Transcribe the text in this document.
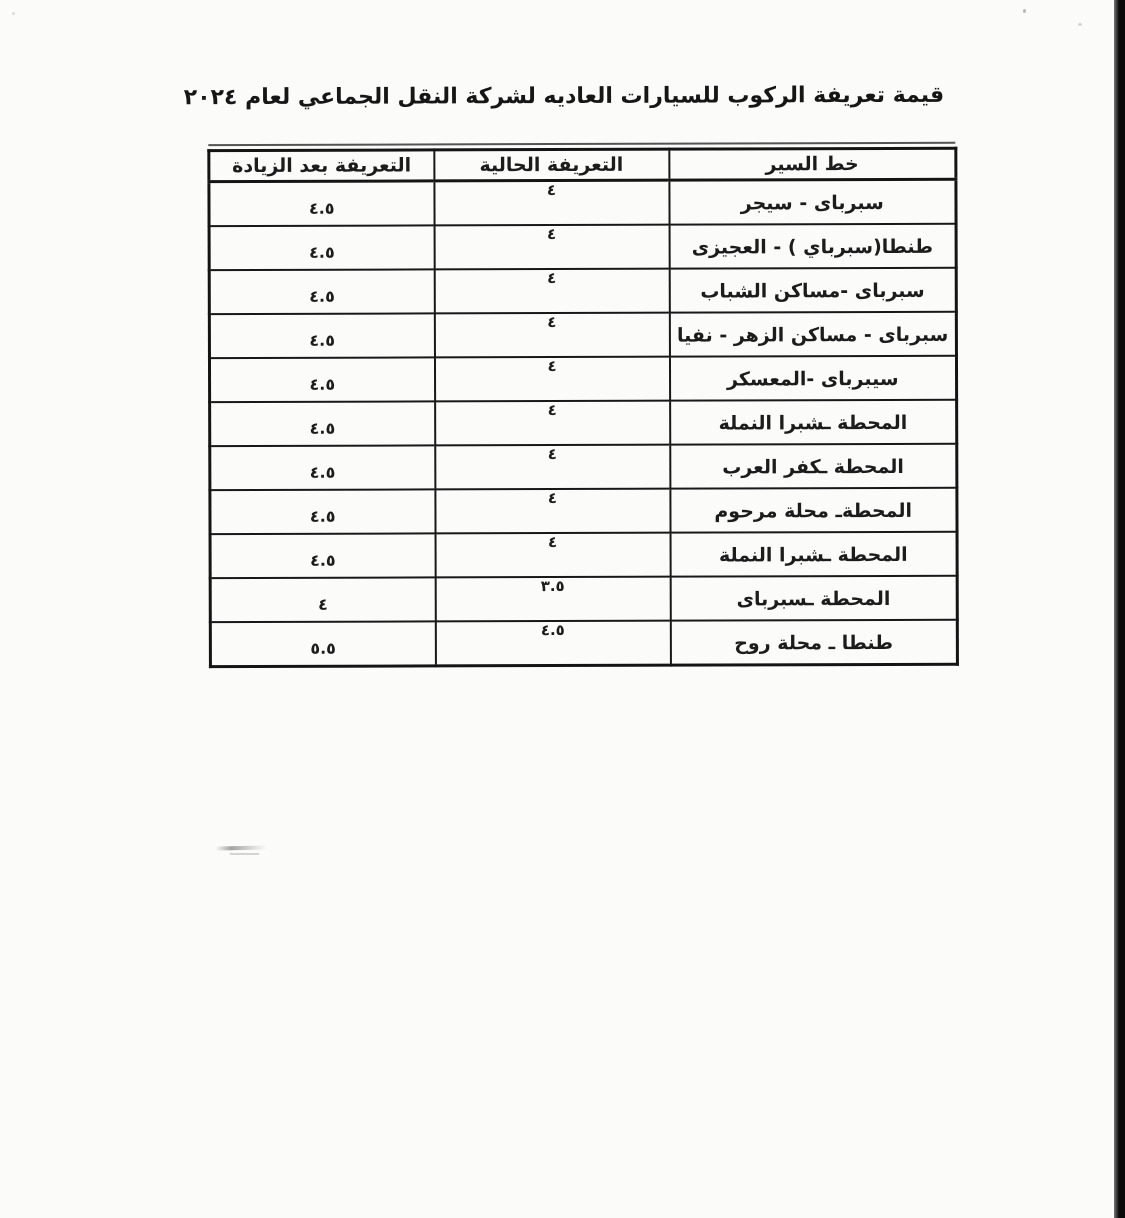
قيمة تعريفة الركوب للسيارات العاديه لشركة النقل الجماعي لعام ٢٠٢٤
خط السير	التعريفة الحالية	التعريفة بعد الزيادة
سبرباى - سيجر	٤	٤.٥
طنطا(سبرباي ) - العجيزى	٤	٤.٥
سبرباى -مساكن الشباب	٤	٤.٥
سبرباى - مساكن الزهر - نفيا	٤	٤.٥
سيبرباى -المعسكر	٤	٤.٥
المحطة ـشبرا النملة	٤	٤.٥
المحطة ـكفر العرب	٤	٤.٥
المحطةـ محلة مرحوم	٤	٤.٥
المحطة ـشبرا النملة	٤	٤.٥
المحطة ـسبرباى	٣.٥	٤
طنطا ـ محلة روح	٤.٥	٥.٥
